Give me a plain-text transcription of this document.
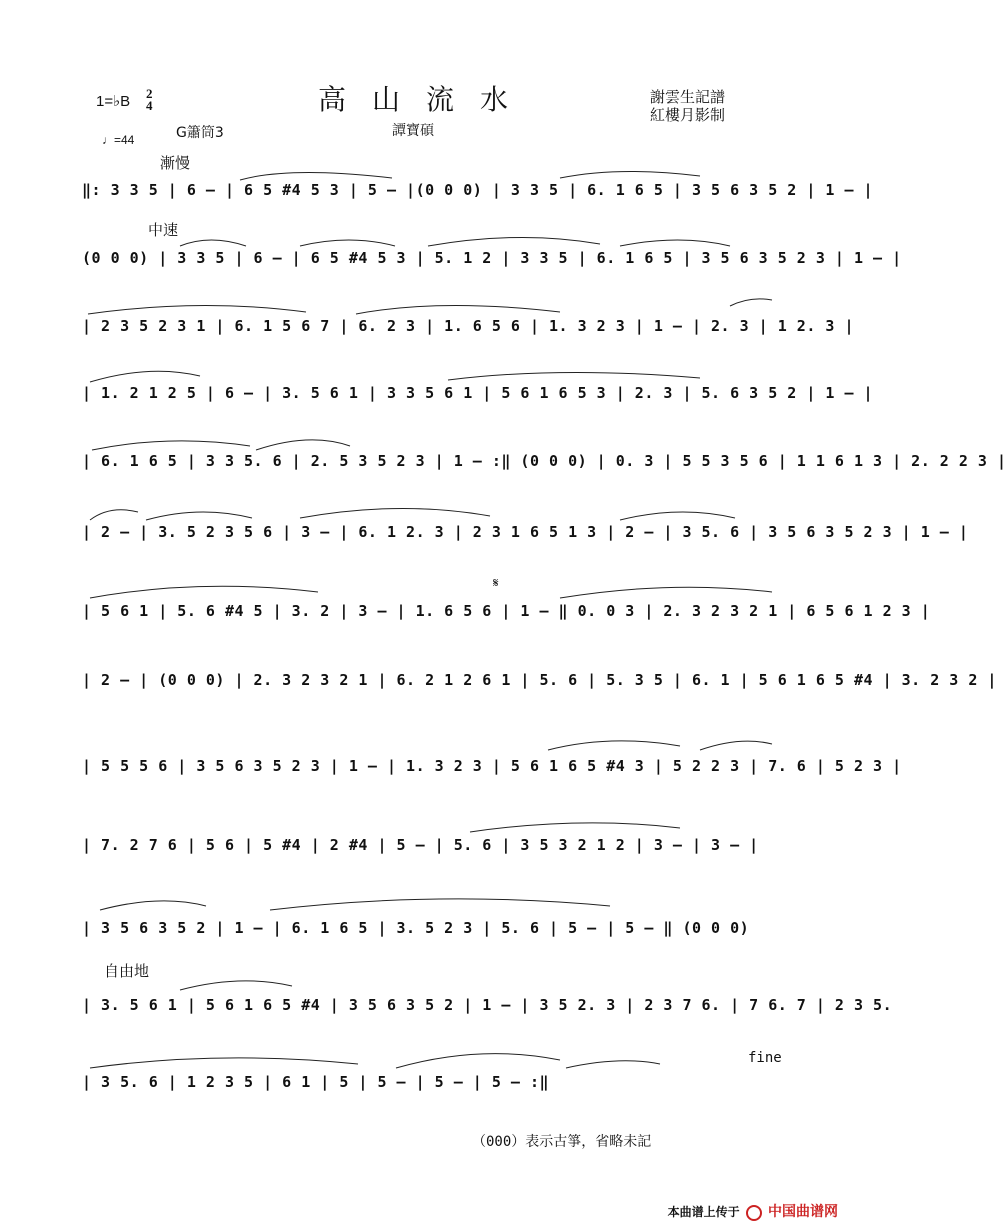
高山流水
1=♭B 2
4	謝雲生記譜
紅樓月影制
♩=44	G簫筒3	譚寶碩
漸慢
中速
自由地
𝄋
fine
‖: 3 3 5 | 6 – | 6 5 #4 5 3 | 5 – |(0 0 0) | 3 3 5 | 6. 1 6 5 | 3 5 6 3 5 2 | 1 – |
(0 0 0) | 3 3 5 | 6 – | 6 5 #4 5 3 | 5. 1 2 | 3 3 5 | 6. 1 6 5 | 3 5 6 3 5 2 3 | 1 – |
| 2 3 5 2 3 1 | 6. 1 5 6 7 | 6. 2 3 | 1. 6 5 6 | 1. 3 2 3 | 1 – | 2. 3 | 1 2. 3 |
| 1. 2 1 2 5 | 6 – | 3. 5 6 1 | 3 3 5 6 1 | 5 6 1 6 5 3 | 2. 3 | 5. 6 3 5 2 | 1 – |
| 6. 1 6 5 | 3 3 5. 6 | 2. 5 3 5 2 3 | 1 – :‖ (0 0 0) | 0. 3 | 5 5 3 5 6 | 1 1 6 1 3 | 2. 2 2 3 |
| 2 – | 3. 5 2 3 5 6 | 3 – | 6. 1 2. 3 | 2 3 1 6 5 1 3 | 2 – | 3 5. 6 | 3 5 6 3 5 2 3 | 1 – |
| 5 6 1 | 5. 6 #4 5 | 3. 2 | 3 – | 1. 6 5 6 | 1 – ‖ 0. 0 3 | 2. 3 2 3 2 1 | 6 5 6 1 2 3 |
| 2 – | (0 0 0) | 2. 3 2 3 2 1 | 6. 2 1 2 6 1 | 5. 6 | 5. 3 5 | 6. 1 | 5 6 1 6 5 #4 | 3. 2 3 2 |
| 5 5 5 6 | 3 5 6 3 5 2 3 | 1 – | 1. 3 2 3 | 5 6 1 6 5 #4 3 | 5 2 2 3 | 7. 6 | 5 2 3 |
| 7. 2 7 6 | 5 6 | 5 #4 | 2 #4 | 5 – | 5. 6 | 3 5 3 2 1 2 | 3 – | 3 – |
| 3 5 6 3 5 2 | 1 – | 6. 1 6 5 | 3. 5 2 3 | 5. 6 | 5 – | 5 – ‖ (0 0 0)
| 3. 5 6 1 | 5 6 1 6 5 #4 | 3 5 6 3 5 2 | 1 – | 3 5 2. 3 | 2 3 7 6. | 7 6. 7 | 2 3 5.
| 3 5. 6 | 1 2 3 5 | 6 1 | 5 | 5 – | 5 – | 5 – :‖
（000）表示古箏，省略未記
本曲谱上传于 中国曲谱网
